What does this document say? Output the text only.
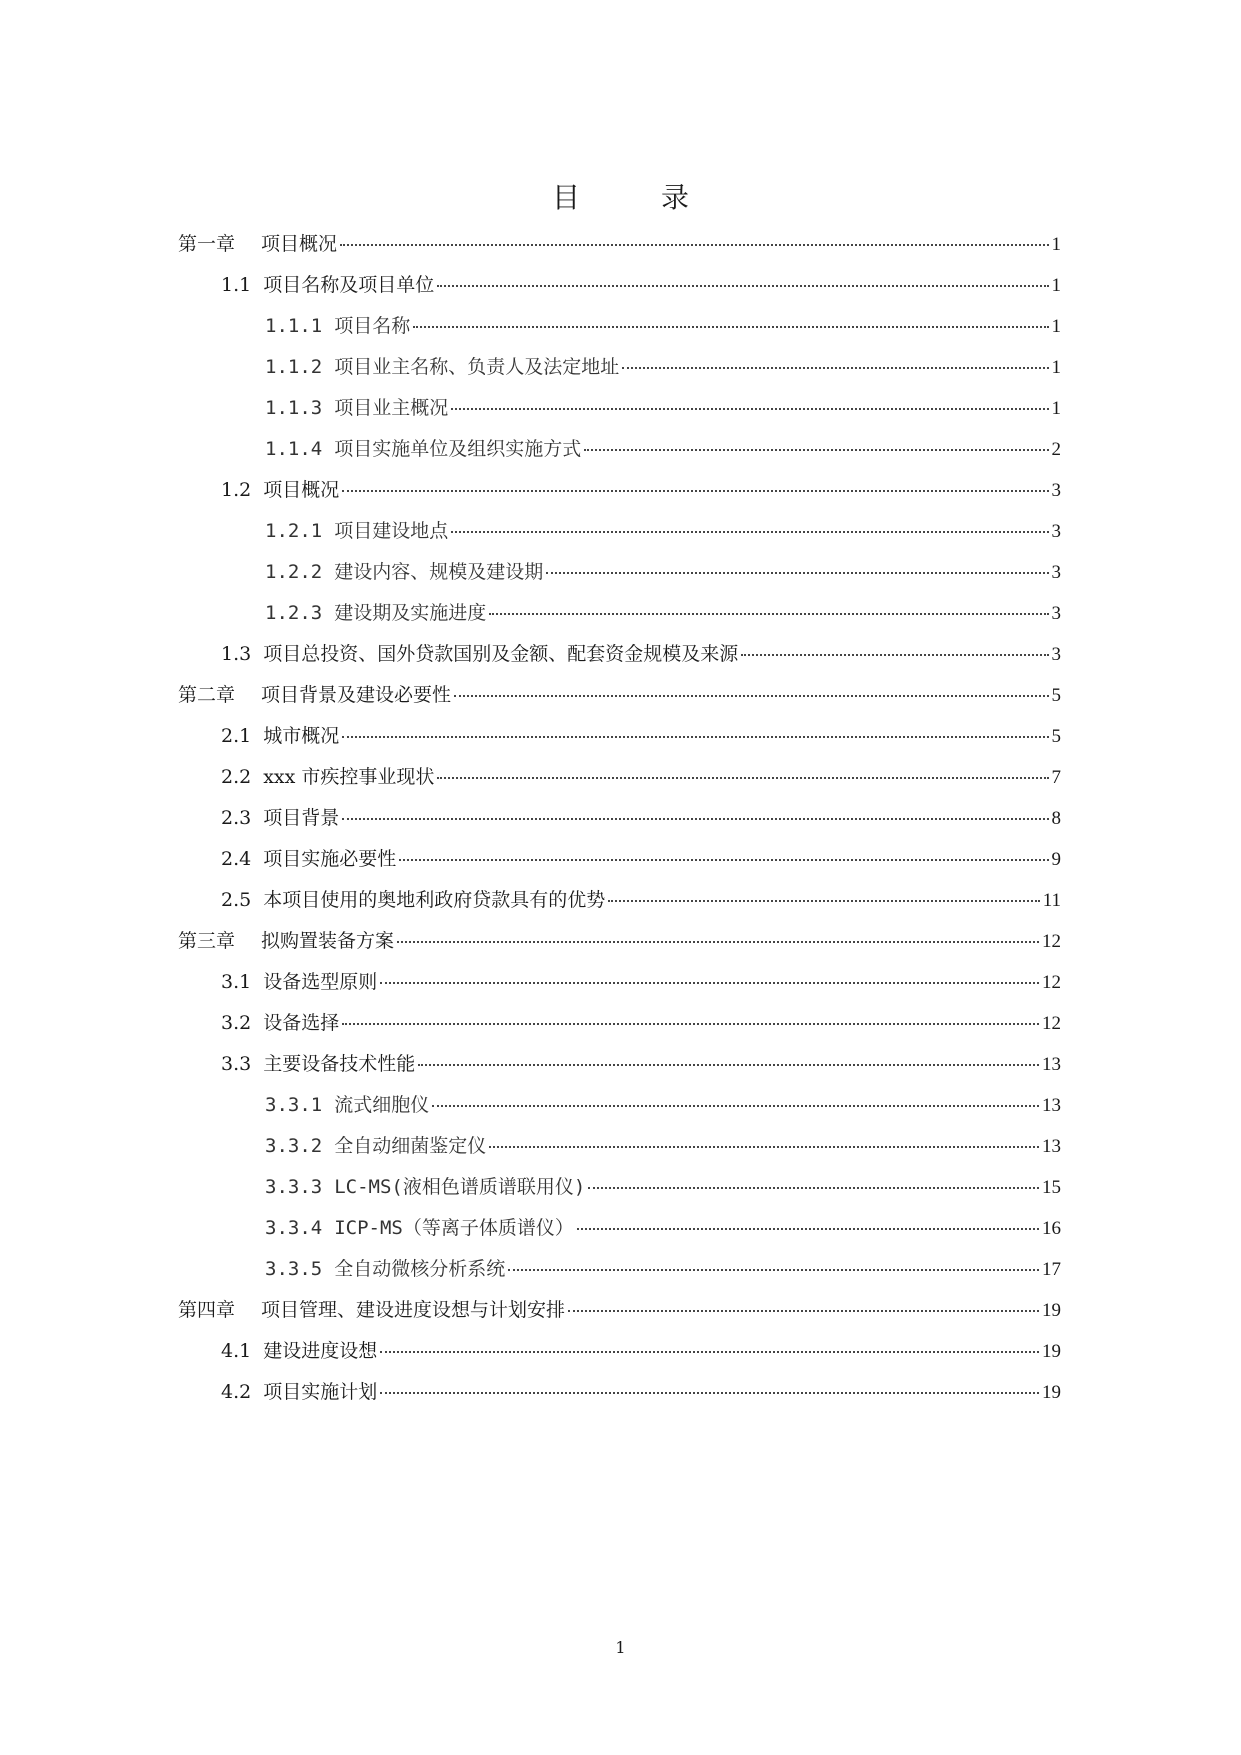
目 录
第一章	项目概况	1
1.1 项目名称及项目单位	1
1.1.1 项目名称	1
1.1.2 项目业主名称、负责人及法定地址	1
1.1.3 项目业主概况	1
1.1.4 项目实施单位及组织实施方式	2
1.2 项目概况	3
1.2.1 项目建设地点	3
1.2.2 建设内容、规模及建设期	3
1.2.3 建设期及实施进度	3
1.3 项目总投资、国外贷款国别及金额、配套资金规模及来源	3
第二章	项目背景及建设必要性	5
2.1 城市概况	5
2.2 xxx 市疾控事业现状	7
2.3 项目背景	8
2.4 项目实施必要性	9
2.5 本项目使用的奥地利政府贷款具有的优势	11
第三章	拟购置装备方案	12
3.1 设备选型原则	12
3.2 设备选择	12
3.3 主要设备技术性能	13
3.3.1 流式细胞仪	13
3.3.2 全自动细菌鉴定仪	13
3.3.3 LC-MS(液相色谱质谱联用仪)	15
3.3.4 ICP-MS（等离子体质谱仪）	16
3.3.5 全自动微核分析系统	17
第四章	项目管理、建设进度设想与计划安排	19
4.1 建设进度设想	19
4.2 项目实施计划	19
1
